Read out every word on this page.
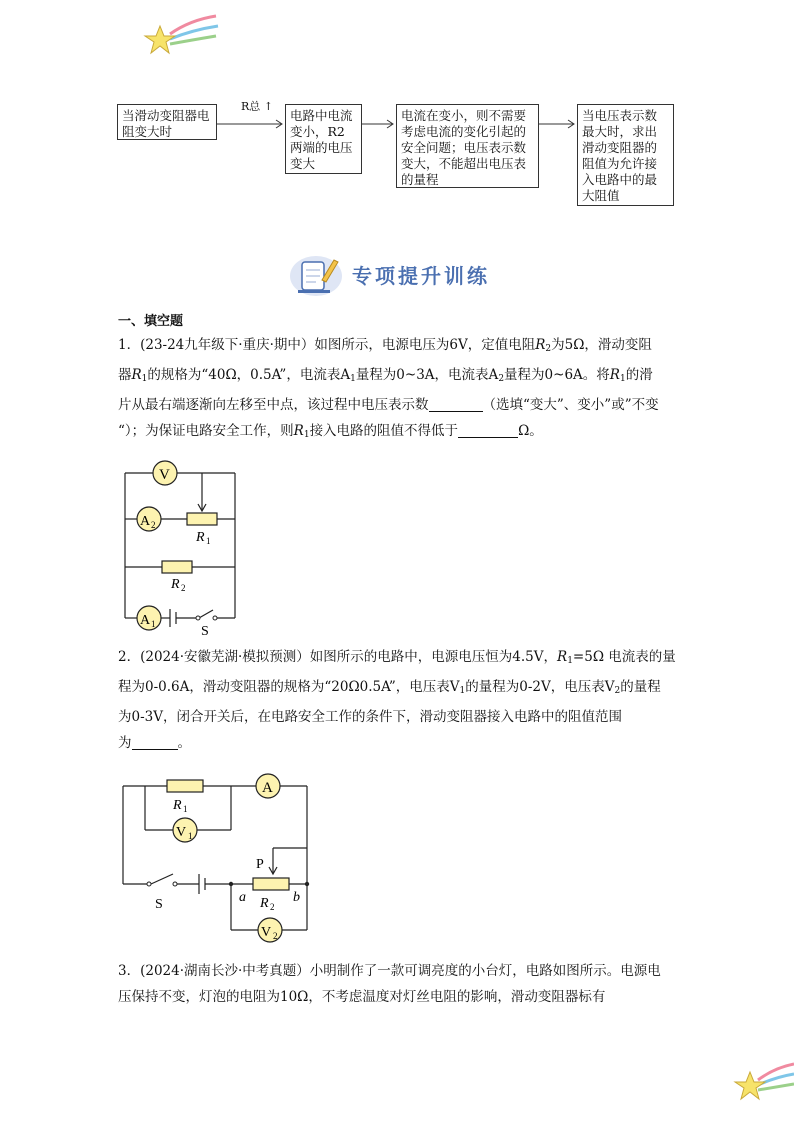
当滑动变阻器电阻变大时
R总 ↑
电路中电流变小，R2两端的电压变大
电流在变小，则不需要考虑电流的变化引起的安全问题；电压表示数变大，不能超出电压表的量程
当电压表示数最大时，求出滑动变阻器的阻值为允许接入电路中的最大阻值
专项提升训练
一、填空题
1．(23-24九年级下·重庆·期中）如图所示，电源电压为6V，定值电阻$R_2$为5Ω，滑动变阻
器$R_1$的规格为“40Ω，0.5A”，电流表$A_1$量程为0~3A，电流表$A_2$量程为0~6A。将$R_1$的滑
片从最右端逐渐向左移至中点，该过程中电压表示数	（选填“变大”、变小”或”不变
“）；为保证电路安全工作，则$R_1$接入电路的阻值不得低于	Ω。
V
A 2
A 1
R 1
R 2
S
2．(2024·安徽芜湖·模拟预测）如图所示的电路中，电源电压恒为4.5V，$R_1=5\Omega$ 电流表的量
程为0-0.6A，滑动变阻器的规格为“20Ω0.5A”，电压表$V_1$的量程为0-2V，电压表$V_2$的量程
为0-3V，闭合开关后，在电路安全工作的条件下，滑动变阻器接入电路中的阻值范围
为	。
A
V 1
V 2
R 1
R 2
P
a	b
S
3．(2024·湖南长沙·中考真题）小明制作了一款可调亮度的小台灯，电路如图所示。电源电
压保持不变，灯泡的电阻为10Ω，不考虑温度对灯丝电阻的影响，滑动变阻器标有
